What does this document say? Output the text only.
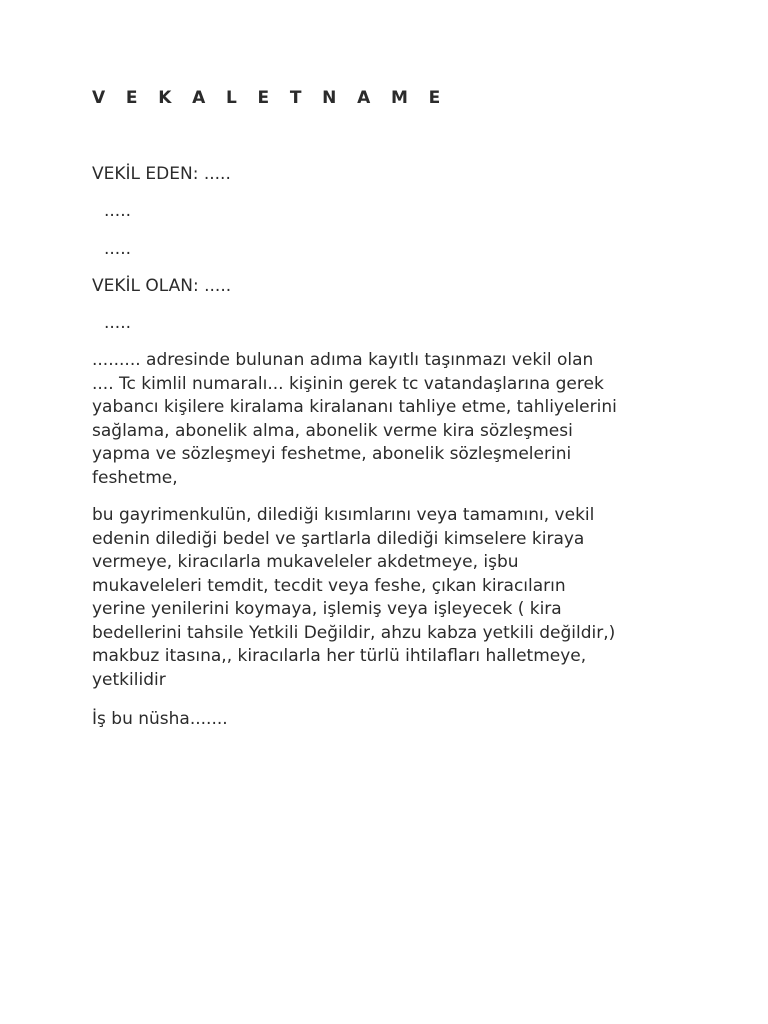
V E K A L E T N A M E
VEKİL EDEN: .....
.....
.....
VEKİL OLAN: .....
.....
......... adresinde bulunan adıma kayıtlı taşınmazı vekil olan
.... Tc kimlil numaralı... kişinin gerek tc vatandaşlarına gerek
yabancı kişilere kiralama kiralananı tahliye etme, tahliyelerini
sağlama, abonelik alma, abonelik verme kira sözleşmesi
yapma ve sözleşmeyi feshetme, abonelik sözleşmelerini
feshetme,
bu gayrimenkulün, dilediği kısımlarını veya tamamını, vekil
edenin dilediği bedel ve şartlarla dilediği kimselere kiraya
vermeye, kiracılarla mukaveleler akdetmeye, işbu
mukaveleleri temdit, tecdit veya feshe, çıkan kiracıların
yerine yenilerini koymaya, işlemiş veya işleyecek ( kira
bedellerini tahsile Yetkili Değildir, ahzu kabza yetkili değildir,)
makbuz itasına,, kiracılarla her türlü ihtilafları halletmeye,
yetkilidir
İş bu nüsha.......
